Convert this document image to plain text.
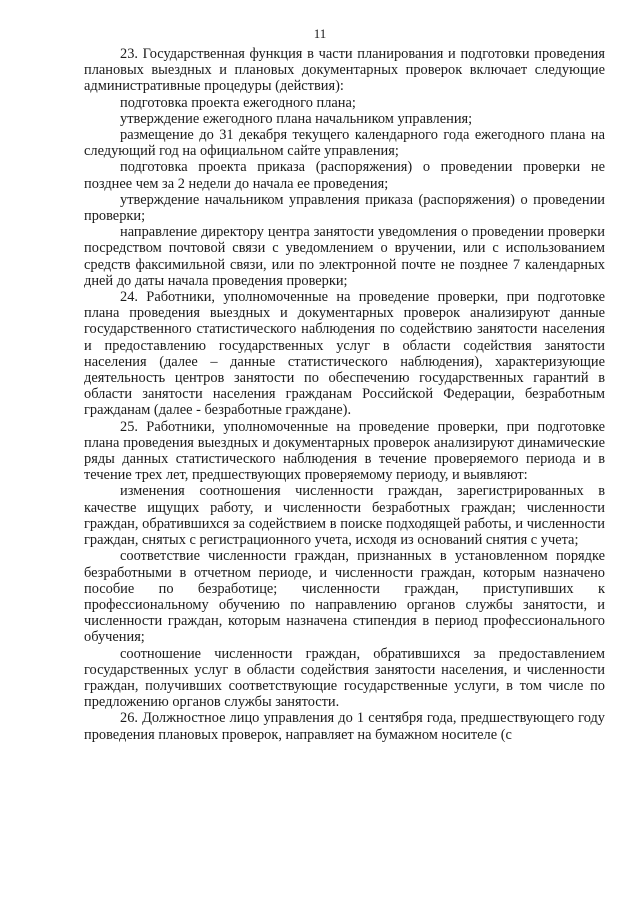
11

23. Государственная функция в части планирования и подготовки проведения плановых выездных и плановых документарных проверок включает следующие административные процедуры (действия):

подготовка проекта ежегодного плана;

утверждение ежегодного плана начальником управления;

размещение до 31 декабря текущего календарного года ежегодного плана на следующий год на официальном сайте управления;

подготовка проекта приказа (распоряжения) о проведении проверки не позднее чем за 2 недели до начала ее проведения;

утверждение начальником управления приказа (распоряжения) о проведении проверки;

направление директору центра занятости уведомления о проведении проверки посредством почтовой связи с уведомлением о вручении, или с использованием средств факсимильной связи, или по электронной почте не позднее 7 календарных дней до даты начала проведения проверки;

24. Работники, уполномоченные на проведение проверки, при подготовке плана проведения выездных и документарных проверок анализируют данные государственного статистического наблюдения по содействию занятости населения и предоставлению государственных услуг в области содействия занятости населения (далее – данные статистического наблюдения), характеризующие деятельность центров занятости по обеспечению государственных гарантий в области занятости населения гражданам Российской Федерации, безработным гражданам (далее - безработные граждане).

25. Работники, уполномоченные на проведение проверки, при подготовке плана проведения выездных и документарных проверок анализируют динамические ряды данных статистического наблюдения в течение проверяемого периода и в течение трех лет, предшествующих проверяемому периоду, и выявляют:

изменения соотношения численности граждан, зарегистрированных в качестве ищущих работу, и численности безработных граждан; численности граждан, обратившихся за содействием в поиске подходящей работы, и численности граждан, снятых с регистрационного учета, исходя из оснований снятия с учета;

соответствие численности граждан, признанных в установленном порядке безработными в отчетном периоде, и численности граждан, которым назначено пособие по безработице; численности граждан, приступивших к профессиональному обучению по направлению органов службы занятости, и численности граждан, которым назначена стипендия в период профессионального обучения;

соотношение численности граждан, обратившихся за предоставлением государственных услуг в области содействия занятости населения, и численности граждан, получивших соответствующие государственные услуги, в том числе по предложению органов службы занятости.

26. Должностное лицо управления до 1 сентября года, предшествующего году проведения плановых проверок, направляет на бумажном носителе (с
